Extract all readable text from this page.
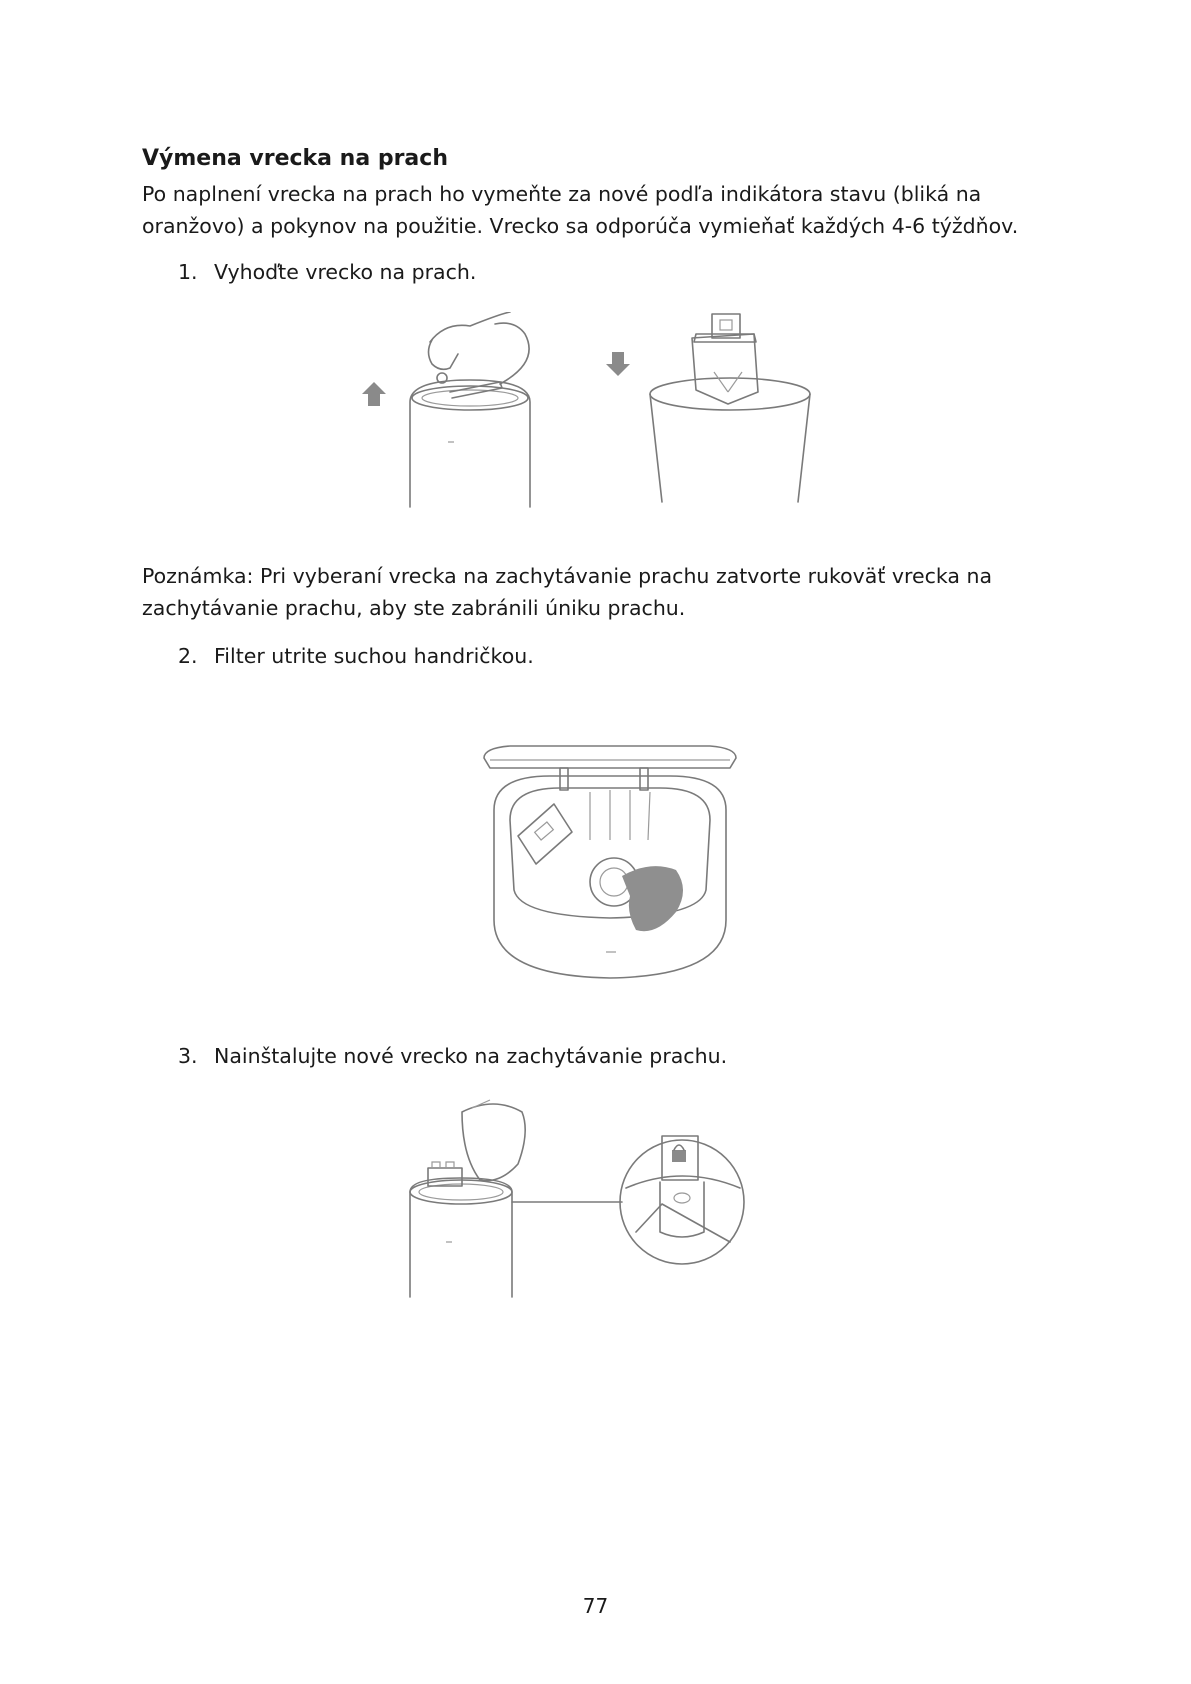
Výmena vrecka na prach

Po naplnení vrecka na prach ho vymeňte za nové podľa indikátora stavu (bliká na oranžovo) a pokynov na použitie. Vrecko sa odporúča vymieňať každých 4-6 týždňov.

1. Vyhoďte vrecko na prach.

Poznámka: Pri vyberaní vrecka na zachytávanie prachu zatvorte rukoväť vrecka na zachytávanie prachu, aby ste zabránili úniku prachu.

2. Filter utrite suchou handričkou.
3. Nainštalujte nové vrecko na zachytávanie prachu.
77
